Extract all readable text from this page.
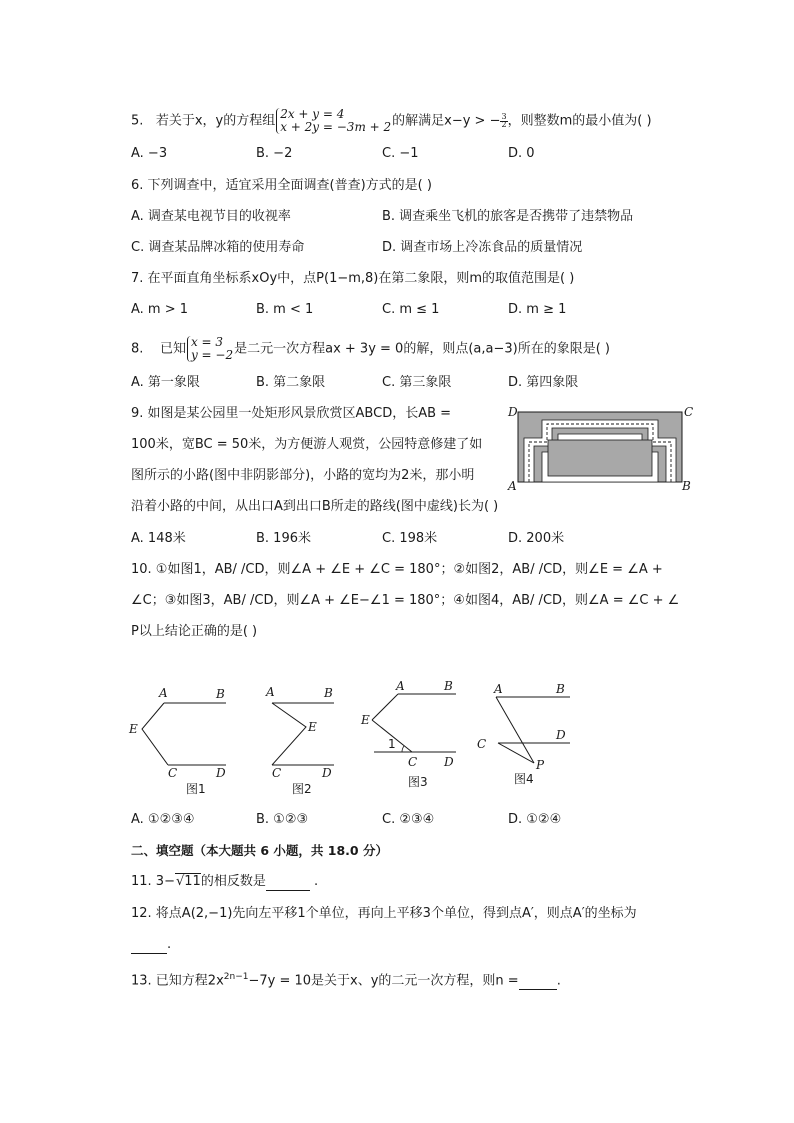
5. 若关于x，y的方程组 2x + y = 4
x + 2y = −3m + 2的解满足$x-y > -\frac{3}{2}$，则整数m的最小值为( )
A. −3	B. −2	C. −1	D. 0
6. 下列调查中，适宜采用全面调查(普查)方式的是( )
A. 调查某电视节目的收视率	B. 调查乘坐飞机的旅客是否携带了违禁物品
C. 调查某品牌冰箱的使用寿命	D. 调查市场上冷冻食品的质量情况
7. 在平面直角坐标系xOy中，点P(1−m,8)在第二象限，则m的取值范围是( )
A. m > 1	B. m < 1	C. m ≤ 1	D. m ≥ 1
8. 已知 x = 3
y = −2是二元一次方程ax + 3y = 0的解，则点(a,a−3)所在的象限是( )
A. 第一象限	B. 第二象限	C. 第三象限	D. 第四象限
9. 如图是某公园里一处矩形风景欣赏区ABCD，长AB =
100米，宽BC = 50米，为方便游人观赏，公园特意修建了如
图所示的小路(图中非阴影部分)，小路的宽均为2米，那小明
沿着小路的中间，从出口A到出口B所走的路线(图中虚线)长为( )
A	B
C
D
A. 148米	B. 196米	C. 198米	D. 200米
10. ①如图1，AB/ /CD，则∠A + ∠E + ∠C = 180°；②如图2，AB/ /CD，则∠E = ∠A +
∠C；③如图3，AB/ /CD，则∠A + ∠E−∠1 = 180°；④如图4，AB/ /CD，则∠A = ∠C + ∠
P以上结论正确的是( )
A	B
E
C	D
图1
A	B
E
C	D
图2
A	B
E
1
C D
图3
A	B
C
D
P
图4
A. ①②③④	B. ①②③	C. ②③④	D. ①②④
二、填空题（本大题共 6 小题，共 18.0 分）
11. 3−√11的相反数是	.
12. 将点A(2,−1)先向左平移1个单位，再向上平移3个单位，得到点A′，则点A′的坐标为
.
13. 已知方程$2x^{2n-1}-7y = 10$是关于x、y的二元一次方程，则n =	.
